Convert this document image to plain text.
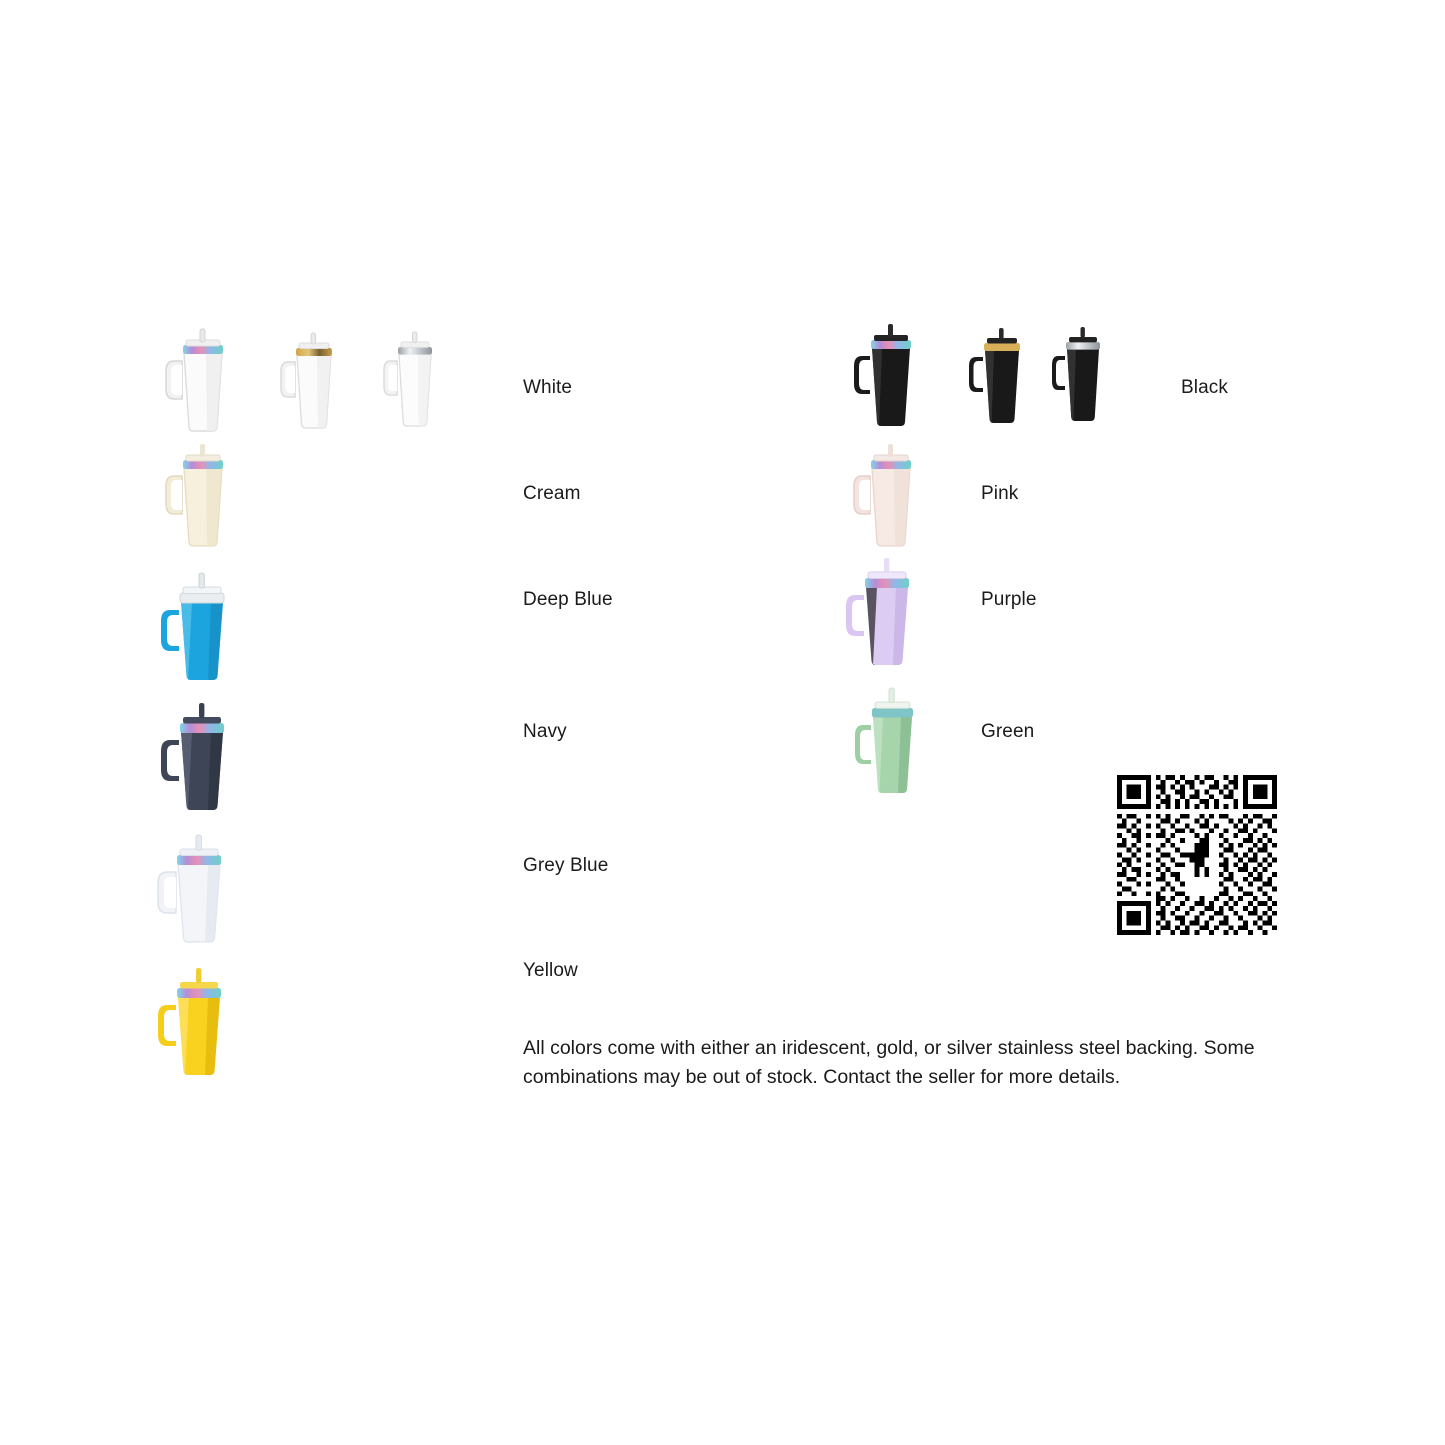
White	Black
Cream	Pink
Deep Blue	Purple
Navy	Green
Grey Blue
Yellow

All colors come with either an iridescent, gold, or silver stainless steel backing. Some combinations may be out of stock. Contact the seller for more details.
